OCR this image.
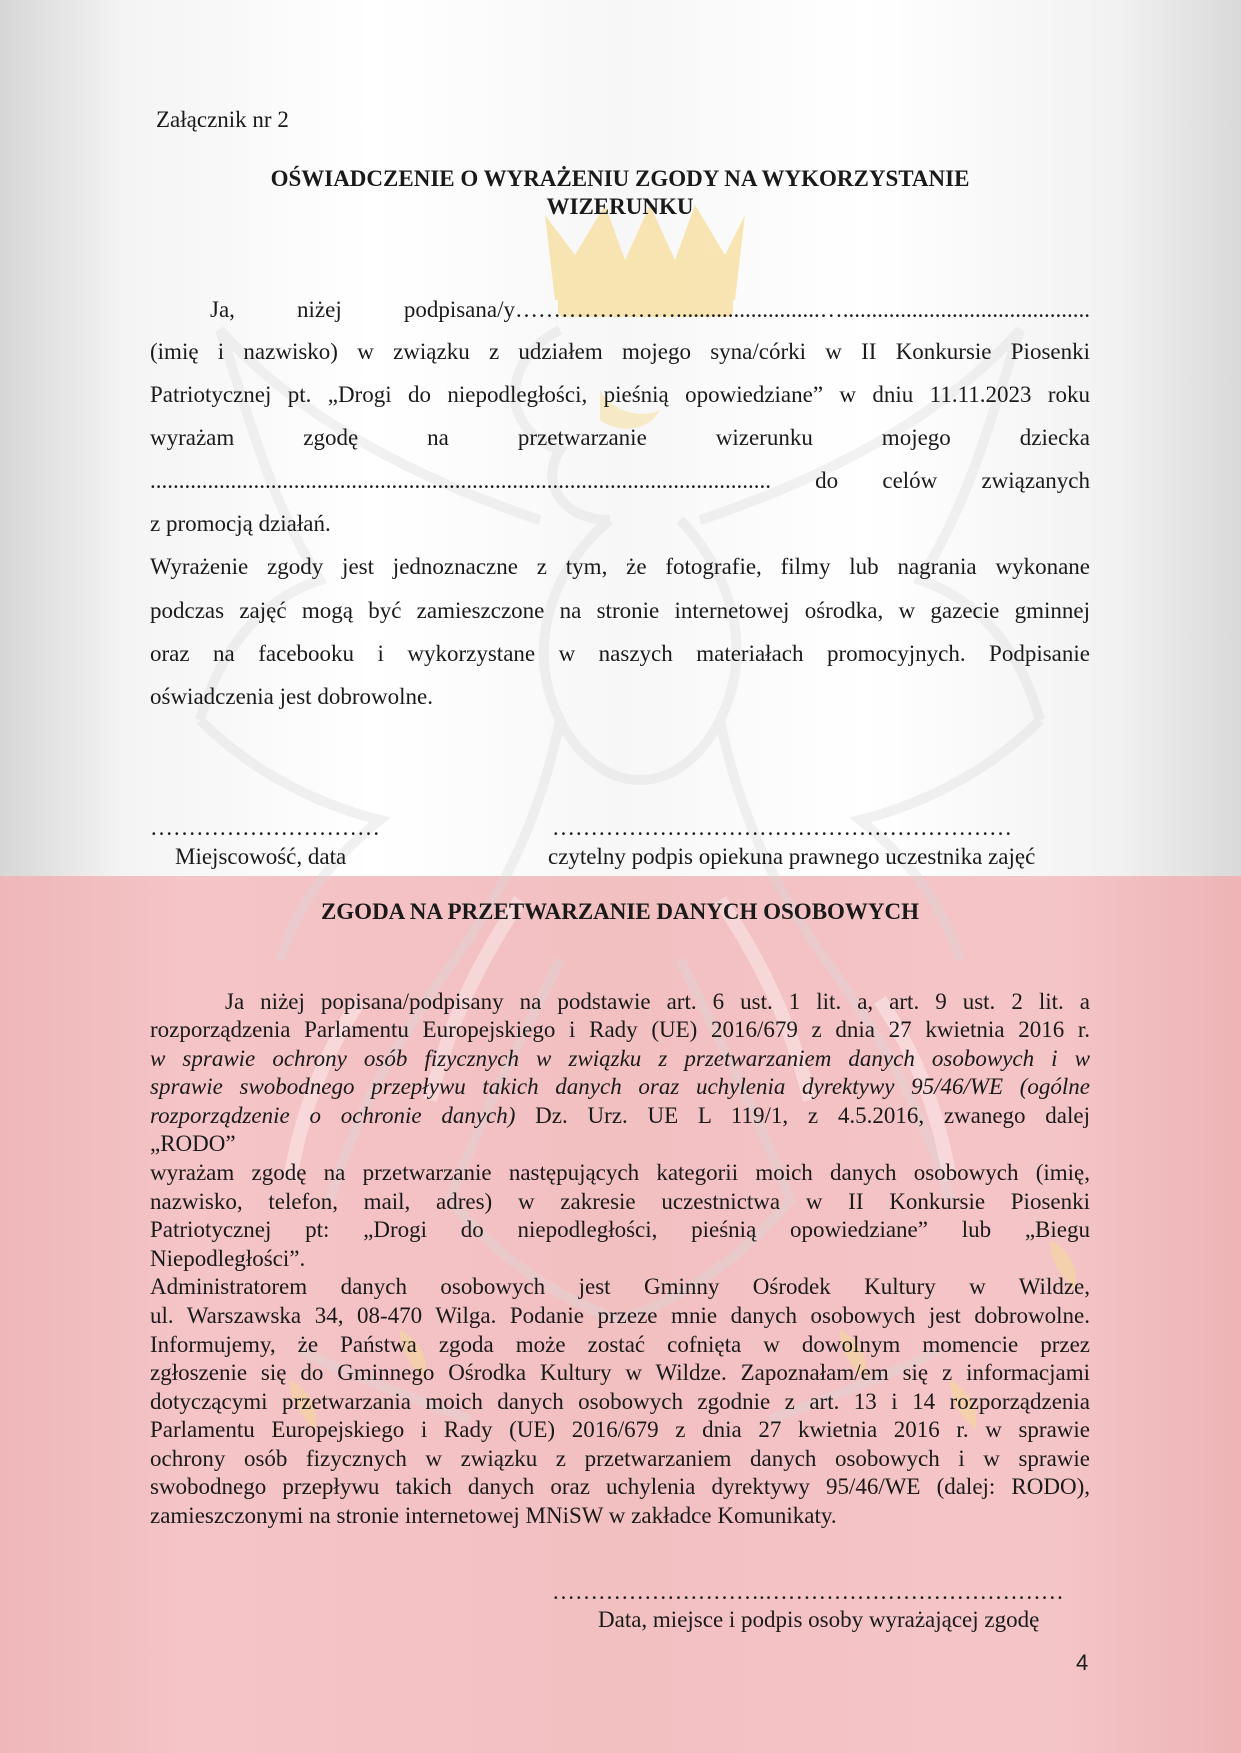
Załącznik nr 2
OŚWIADCZENIE O WYRAŻENIU ZGODY NA WYKORZYSTANIE
WIZERUNKU
Ja, niżej podpisana/y………………….........................…...........................................
(imię i nazwisko) w związku z udziałem mojego syna/córki w II Konkursie Piosenki
Patriotycznej pt. „Drogi do niepodległości, pieśnią opowiedziane” w dniu 11.11.2023 roku
wyrażam zgodę na przetwarzanie wizerunku mojego dziecka
............................................................................................................ do celów związanych
z promocją działań.
Wyrażenie zgody jest jednoznaczne z tym, że fotografie, filmy lub nagrania wykonane
podczas zajęć mogą być zamieszczone na stronie internetowej ośrodka, w gazecie gminnej
oraz na facebooku i wykorzystane w naszych materiałach promocyjnych. Podpisanie
oświadczenia jest dobrowolne.
…………………………
Miejscowość, data
……………………………………………………
czytelny podpis opiekuna prawnego uczestnika zajęć
ZGODA NA PRZETWARZANIE DANYCH OSOBOWYCH
Ja niżej popisana/podpisany na podstawie art. 6 ust. 1 lit. a, art. 9 ust. 2 lit. a
rozporządzenia Parlamentu Europejskiego i Rady (UE) 2016/679 z dnia 27 kwietnia 2016 r.
w sprawie ochrony osób fizycznych w związku z przetwarzaniem danych osobowych i w
sprawie swobodnego przepływu takich danych oraz uchylenia dyrektywy 95/46/WE (ogólne
rozporządzenie o ochronie danych) Dz. Urz. UE L 119/1, z 4.5.2016, zwanego dalej
„RODO”
wyrażam zgodę na przetwarzanie następujących kategorii moich danych osobowych (imię,
nazwisko, telefon, mail, adres) w zakresie uczestnictwa w II Konkursie Piosenki
Patriotycznej pt: „Drogi do niepodległości, pieśnią opowiedziane” lub „Biegu
Niepodległości”.
Administratorem danych osobowych jest Gminny Ośrodek Kultury w Wildze,
ul. Warszawska 34, 08-470 Wilga. Podanie przeze mnie danych osobowych jest dobrowolne.
Informujemy, że Państwa zgoda może zostać cofnięta w dowolnym momencie przez
zgłoszenie się do Gminnego Ośrodka Kultury w Wildze. Zapoznałam/em się z informacjami
dotyczącymi przetwarzania moich danych osobowych zgodnie z art. 13 i 14 rozporządzenia
Parlamentu Europejskiego i Rady (UE) 2016/679 z dnia 27 kwietnia 2016 r. w sprawie
ochrony osób fizycznych w związku z przetwarzaniem danych osobowych i w sprawie
swobodnego przepływu takich danych oraz uchylenia dyrektywy 95/46/WE (dalej: RODO),
zamieszczonymi na stronie internetowej MNiSW w zakładce Komunikaty.
……………………….…………………………………
Data, miejsce i podpis osoby wyrażającej zgodę
4
